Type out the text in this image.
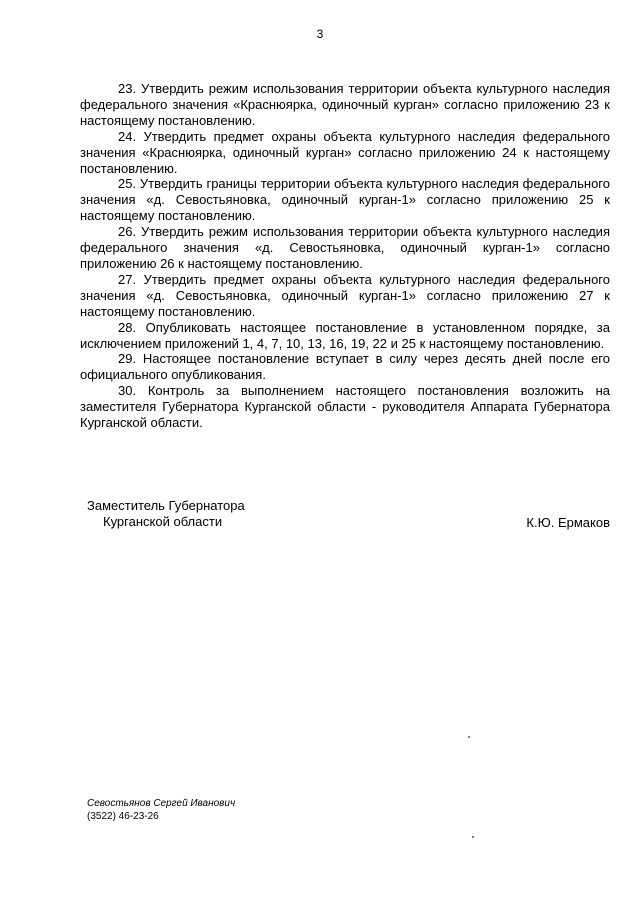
3

23. Утвердить режим использования территории объекта культурного наследия федерального значения «Краснюярка, одиночный курган» согласно приложению 23 к настоящему постановлению.

24. Утвердить предмет охраны объекта культурного наследия федерального значения «Краснюярка, одиночный курган» согласно приложению 24 к настоящему постановлению.

25. Утвердить границы территории объекта культурного наследия федерального значения «д. Севостьяновка, одиночный курган-1» согласно приложению 25 к настоящему постановлению.

26. Утвердить режим использования территории объекта культурного наследия федерального значения «д. Севостьяновка, одиночный курган-1» согласно приложению 26 к настоящему постановлению.

27. Утвердить предмет охраны объекта культурного наследия федерального значения «д. Севостьяновка, одиночный курган-1» согласно приложению 27 к настоящему постановлению.

28. Опубликовать настоящее постановление в установленном порядке, за исключением приложений 1, 4, 7, 10, 13, 16, 19, 22 и 25 к настоящему постановлению.

29. Настоящее постановление вступает в силу через десять дней после его официального опубликования.

30. Контроль за выполнением настоящего постановления возложить на заместителя Губернатора Курганской области - руководителя Аппарата Губернатора Курганской области.

Заместитель Губернатора
Курганской области	К.Ю. Ермаков
Севостьянов Сергей Иванович
(3522) 46-23-26
